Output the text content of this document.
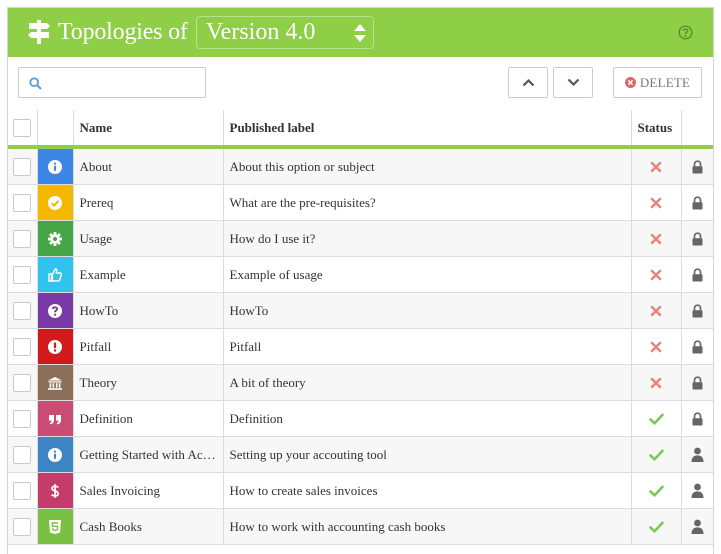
Topologies of Version 4.0
DELETE
		Name	Published label	Status	

	About	About this option or subject	

	Prereq	What are the pre-requisites?	

	Usage	How do I use it?	

	Example	Example of usage	

	HowTo	HowTo	

	Pitfall	Pitfall	

	Theory	A bit of theory	

	Definition	Definition	

	Getting Started with Ac…	Setting up your accouting tool	

	Sales Invoicing	How to create sales invoices	

	Cash Books	How to work with accounting cash books	
